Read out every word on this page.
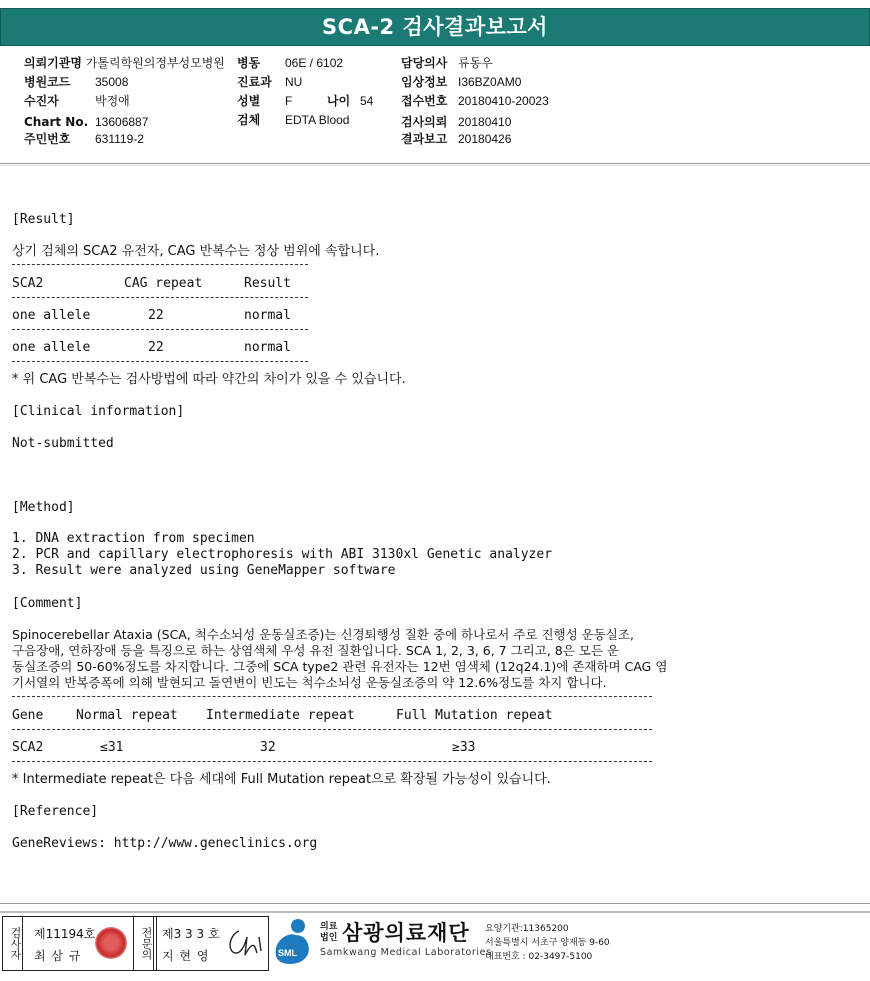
SCA-2 검사결과보고서
의뢰기관명 가톨릭학원의정부성모병원
병원코드 35008
수진자	박정애
Chart No. 13606887
주민번호 631119-2
병동 06E / 6102
진료과 NU
성별 F	나이 54
검체 EDTA Blood
담당의사 류동우
임상정보 I36BZ0AM0
접수번호 20180410-20023
검사의뢰 20180410
결과보고 20180426
[Result]
상기 검체의 SCA2 유전자, CAG 반복수는 정상 범위에 속합니다.
SCA2	CAG repeat	Result
one allele	22	normal
one allele	22	normal
* 위 CAG 반복수는 검사방법에 따라 약간의 차이가 있을 수 있습니다.
[Clinical information]
Not-submitted
[Method]
1. DNA extraction from specimen
2. PCR and capillary electrophoresis with ABI 3130xl Genetic analyzer
3. Result were analyzed using GeneMapper software
[Comment]
Spinocerebellar Ataxia (SCA, 척수소뇌성 운동실조증)는 신경퇴행성 질환 중에 하나로서 주로 진행성 운동실조,
구음장애, 연하장애 등을 특징으로 하는 상염색체 우성 유전 질환입니다. SCA 1, 2, 3, 6, 7 그리고, 8은 모든 운
동실조증의 50-60%정도를 차지합니다. 그중에 SCA type2 관련 유전자는 12번 염색체 (12q24.1)에 존재하며 CAG 염
기서열의 반복증폭에 의해 발현되고 돌연변이 빈도는 척수소뇌성 운동실조증의 약 12.6%정도를 차지 합니다.
Gene	Normal repeat Intermediate repeat	Full Mutation repeat
SCA2	≤31	32	≥33
* Intermediate repeat은 다음 세대에 Full Mutation repeat으로 확장될 가능성이 있습니다.
[Reference]
GeneReviews: http://www.geneclinics.org
검사자	전문의
제11194호
최 삼 규
제3 3 3 호
지 현 영	SML
의료
법인 삼광의료재단
Samkwang Medical Laboratories
요양기관:11365200
서울특별시 서초구 양재동 9-60
대표번호 : 02-3497-5100
